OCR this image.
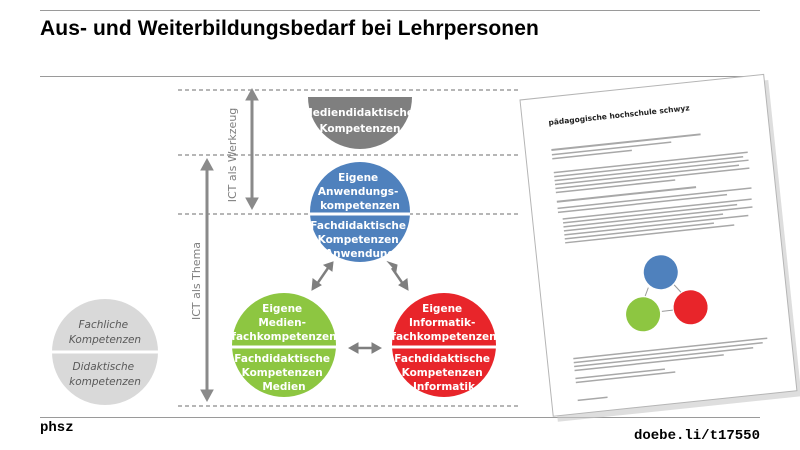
Aus- und Weiterbildungsbedarf bei Lehrpersonen
ICT als Werkzeug
ICT als Thema
Mediendidaktische Kompetenzen
Eigene Anwendungs- kompetenzen
Fachdidaktische Kompetenzen Anwendung
Eigene Medien- fachkompetenzen
Fachdidaktische Kompetenzen Medien
Eigene Informatik- fachkompetenzen
Fachdidaktische Kompetenzen Informatik
Fachliche Kompetenzen
Didaktische kompetenzen
pädagogische hochschule schwyz
phsz	doebe.li/t17550
